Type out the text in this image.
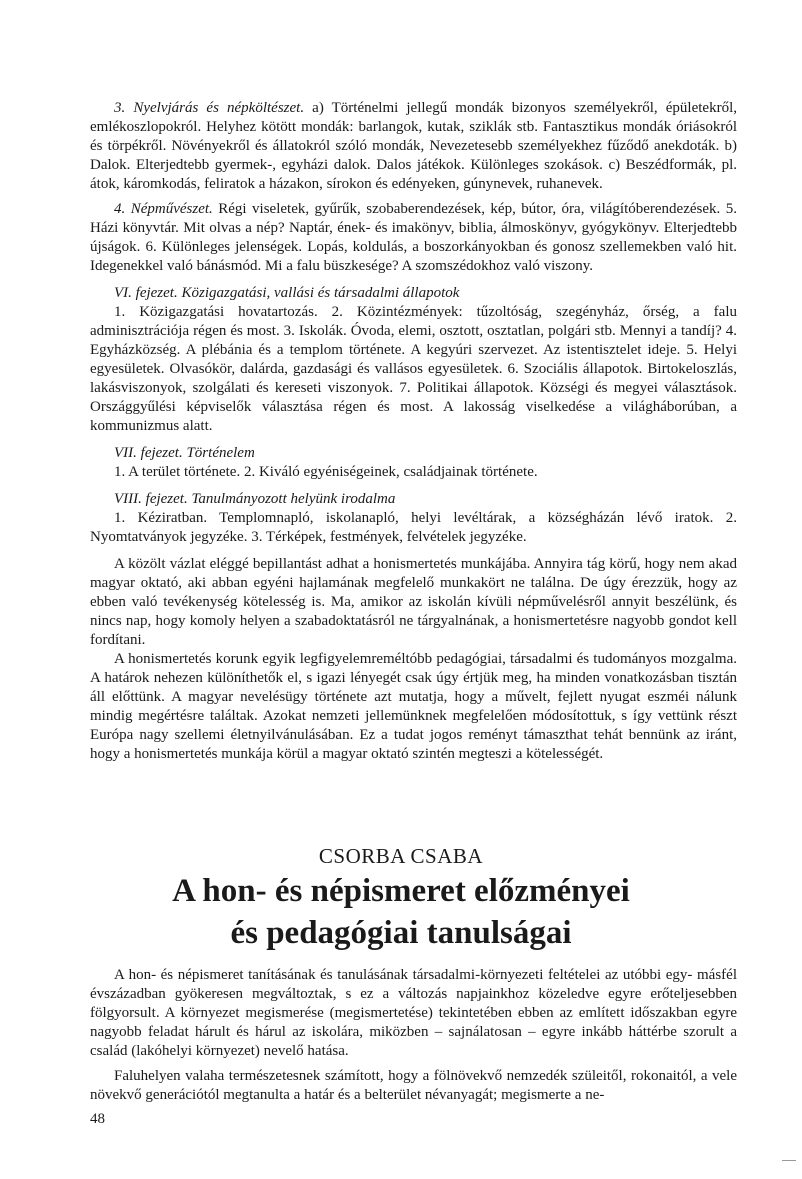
3. Nyelvjárás és népköltészet. a) Történelmi jellegű mondák bizonyos személyekről, épületekről, emlékoszlopokról. Helyhez kötött mondák: barlangok, kutak, sziklák stb. Fantasztikus mondák óriásokról és törpékről. Növényekről és állatokról szóló mondák, Nevezetesebb személyekhez fűződő anekdoták. b) Dalok. Elterjedtebb gyermek-, egyházi dalok. Dalos játékok. Különleges szokások. c) Beszédformák, pl. átok, káromkodás, feliratok a házakon, sírokon és edényeken, gúnynevek, ruhanevek.

4. Népművészet. Régi viseletek, gyűrűk, szobaberendezések, kép, bútor, óra, világítóberendezések. 5. Házi könyvtár. Mit olvas a nép? Naptár, ének- és imakönyv, biblia, álmoskönyv, gyógykönyv. Elterjedtebb újságok. 6. Különleges jelenségek. Lopás, koldulás, a boszorkányokban és gonosz szellemekben való hit. Idegenekkel való bánásmód. Mi a falu büszkesége? A szomszédokhoz való viszony.

VI. fejezet. Közigazgatási, vallási és társadalmi állapotok

1. Közigazgatási hovatartozás. 2. Közintézmények: tűzoltóság, szegényház, őrség, a falu adminisztrációja régen és most. 3. Iskolák. Óvoda, elemi, osztott, osztatlan, polgári stb. Mennyi a tandíj? 4. Egyházközség. A plébánia és a templom története. A kegyúri szervezet. Az istentisztelet ideje. 5. Helyi egyesületek. Olvasókör, dalárda, gazdasági és vallásos egyesületek. 6. Szociális állapotok. Birtokeloszlás, lakásviszonyok, szolgálati és kereseti viszonyok. 7. Politikai állapotok. Községi és megyei választások. Országgyűlési képviselők választása régen és most. A lakosság viselkedése a világháborúban, a kommunizmus alatt.

VII. fejezet. Történelem

1. A terület története. 2. Kiváló egyéniségeinek, családjainak története.

VIII. fejezet. Tanulmányozott helyünk irodalma

1. Kéziratban. Templomnapló, iskolanapló, helyi levéltárak, a községházán lévő iratok. 2. Nyomtatványok jegyzéke. 3. Térképek, festmények, felvételek jegyzéke.

A közölt vázlat eléggé bepillantást adhat a honismertetés munkájába. Annyira tág körű, hogy nem akad magyar oktató, aki abban egyéni hajlamának megfelelő munkakört ne találna. De úgy érezzük, hogy az ebben való tevékenység kötelesség is. Ma, amikor az iskolán kívüli népművelésről annyit beszélünk, és nincs nap, hogy komoly helyen a szabadoktatásról ne tárgyalnának, a honismertetésre nagyobb gondot kell fordítani.

A honismertetés korunk egyik legfigyelemreméltóbb pedagógiai, társadalmi és tudományos mozgalma. A határok nehezen különíthetők el, s igazi lényegét csak úgy értjük meg, ha minden vonatkozásban tisztán áll előttünk. A magyar nevelésügy története azt mutatja, hogy a művelt, fejlett nyugat eszméi nálunk mindig megértésre találtak. Azokat nemzeti jellemünknek megfelelően módosítottuk, s így vettünk részt Európa nagy szellemi életnyilvánulásában. Ez a tudat jogos reményt támaszthat tehát bennünk az iránt, hogy a honismertetés munkája körül a magyar oktató szintén megteszi a kötelességét.

CSORBA CSABA
A hon- és népismeret előzményei
és pedagógiai tanulságai

A hon- és népismeret tanításának és tanulásának társadalmi-környezeti feltételei az utóbbi egy- másfél évszázadban gyökeresen megváltoztak, s ez a változás napjainkhoz közeledve egyre erőteljesebben fölgyorsult. A környezet megismerése (megismertetése) tekintetében ebben az említett időszakban egyre nagyobb feladat hárult és hárul az iskolára, miközben – sajnálatosan – egyre inkább háttérbe szorult a család (lakóhelyi környezet) nevelő hatása.

Faluhelyen valaha természetesnek számított, hogy a fölnövekvő nemzedék szüleitől, rokonaitól, a vele növekvő generációtól megtanulta a határ és a belterület névanyagát; megismerte a ne-

48
